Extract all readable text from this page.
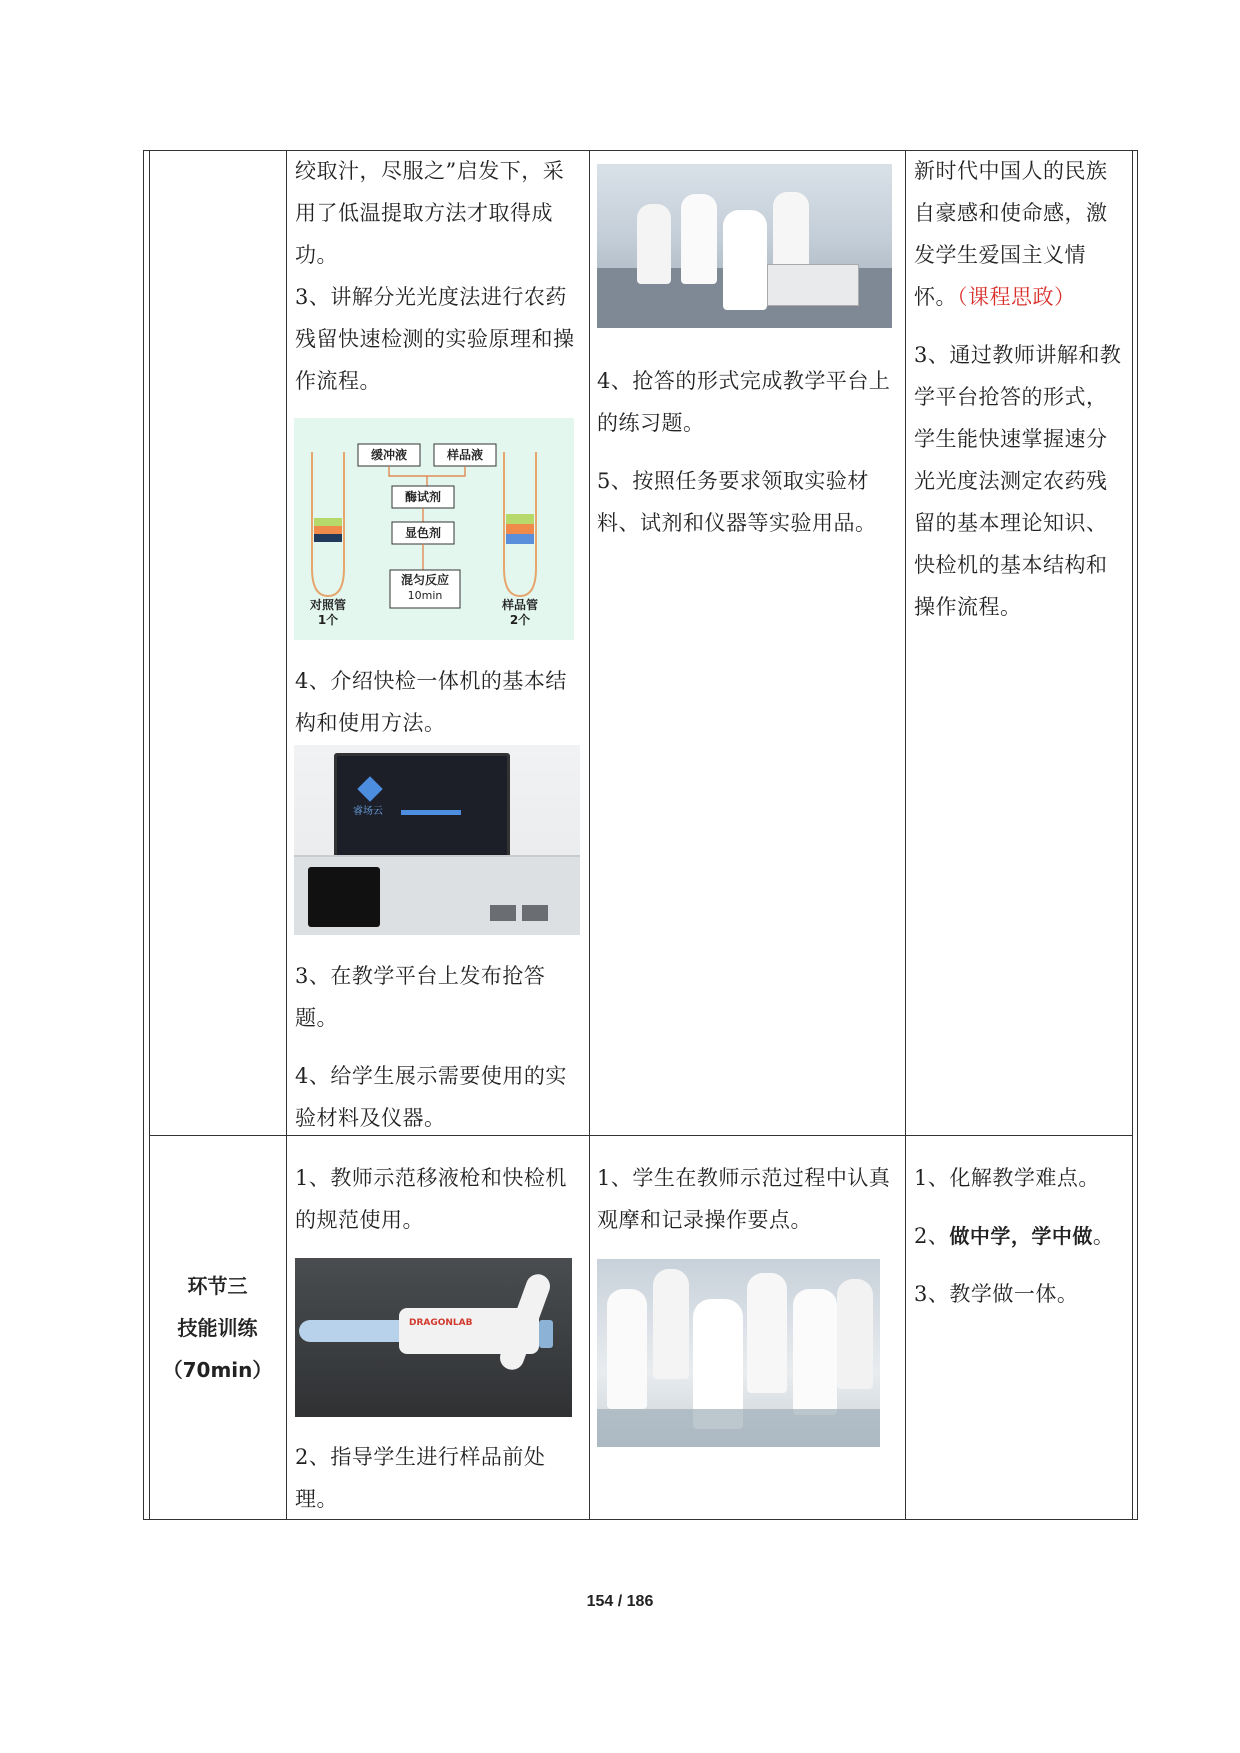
绞取汁，尽服之”启发下，采用了低温提取方法才取得成功。

3、讲解分光光度法进行农药残留快速检测的实验原理和操作流程。

缓冲液	样品液
酶试剂
显色剂
混匀反应
10min
对照管
1个
样品管
2个

4、介绍快检一体机的基本结构和使用方法。

睿场云

3、在教学平台上发布抢答题。

4、给学生展示需要使用的实验材料及仪器。

4、抢答的形式完成教学平台上的练习题。

5、按照任务要求领取实验材料、试剂和仪器等实验用品。

新时代中国人的民族自豪感和使命感，激发学生爱国主义情怀。（课程思政）

3、通过教师讲解和教学平台抢答的形式，学生能快速掌握速分光光度法测定农药残留的基本理论知识、快检机的基本结构和操作流程。

环节三
技能训练
（70min）

1、教师示范移液枪和快检机的规范使用。

DRAGONLAB

2、指导学生进行样品前处理。

1、学生在教师示范过程中认真观摩和记录操作要点。

1、化解教学难点。

2、做中学，学中做。

3、教学做一体。

154 / 186
